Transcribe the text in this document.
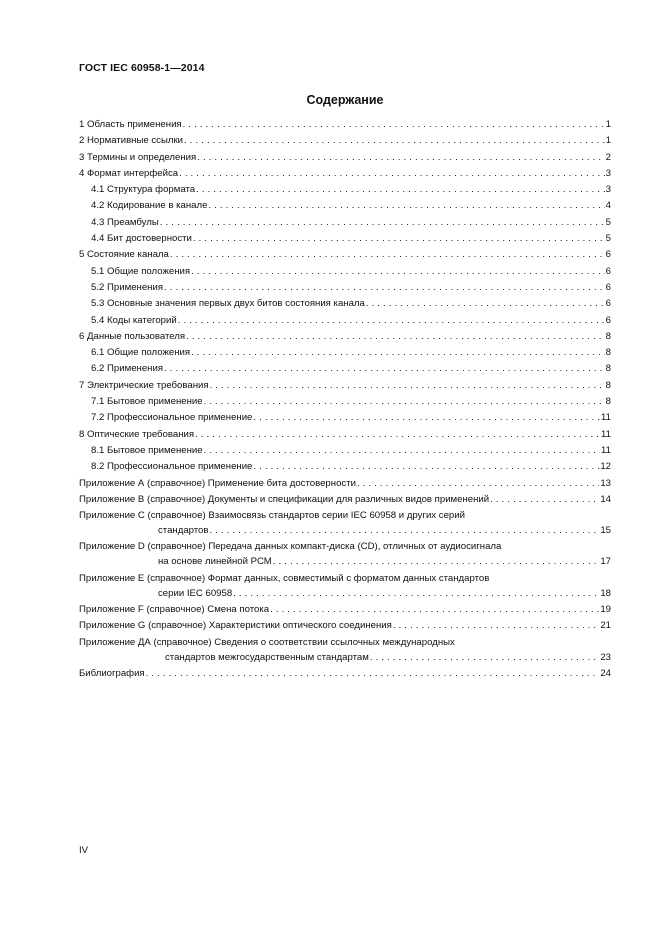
ГОСТ IEC 60958-1—2014
Содержание
1 Область применения . . .	1
2 Нормативные ссылки . . .	1
3 Термины и определения . . .	2
4 Формат интерфейса . . .	3
4.1 Структура формата . . .	3
4.2 Кодирование в канале . . .	4
4.3 Преамбулы . . .	5
4.4 Бит достоверности . . .	5
5 Состояние канала . . .	6
5.1 Общие положения . . .	6
5.2 Применения . . .	6
5.3 Основные значения первых двух битов состояния канала . . .	6
5.4 Коды категорий . . .	6
6 Данные пользователя . . .	8
6.1 Общие положения . . .	8
6.2 Применения . . .	8
7 Электрические требования . . .	8
7.1 Бытовое применение . . .	8
7.2 Профессиональное применение . . .	11
8 Оптические требования . . .	11
8.1 Бытовое применение . . .	11
8.2 Профессиональное применение . . .	12
Приложение А (справочное) Применение бита достоверности . . .	13
Приложение В (справочное) Документы и спецификации для различных видов применений . . .	14
Приложение С (справочное) Взаимосвязь стандартов серии IEC 60958 и других серий
стандартов . . .	15
Приложение D (справочное) Передача данных компакт-диска (CD), отличных от аудиосигнала
на основе линейной РСМ . . .	17
Приложение Е (справочное) Формат данных, совместимый с форматом данных стандартов
серии IEC 60958 . . .	18
Приложение F (справочное) Смена потока . . .	19
Приложение G (справочное) Характеристики оптического соединения . . .	21
Приложение ДА (справочное) Сведения о соответствии ссылочных международных
стандартов межгосударственным стандартам . . .	23
Библиография . . .	24
IV
